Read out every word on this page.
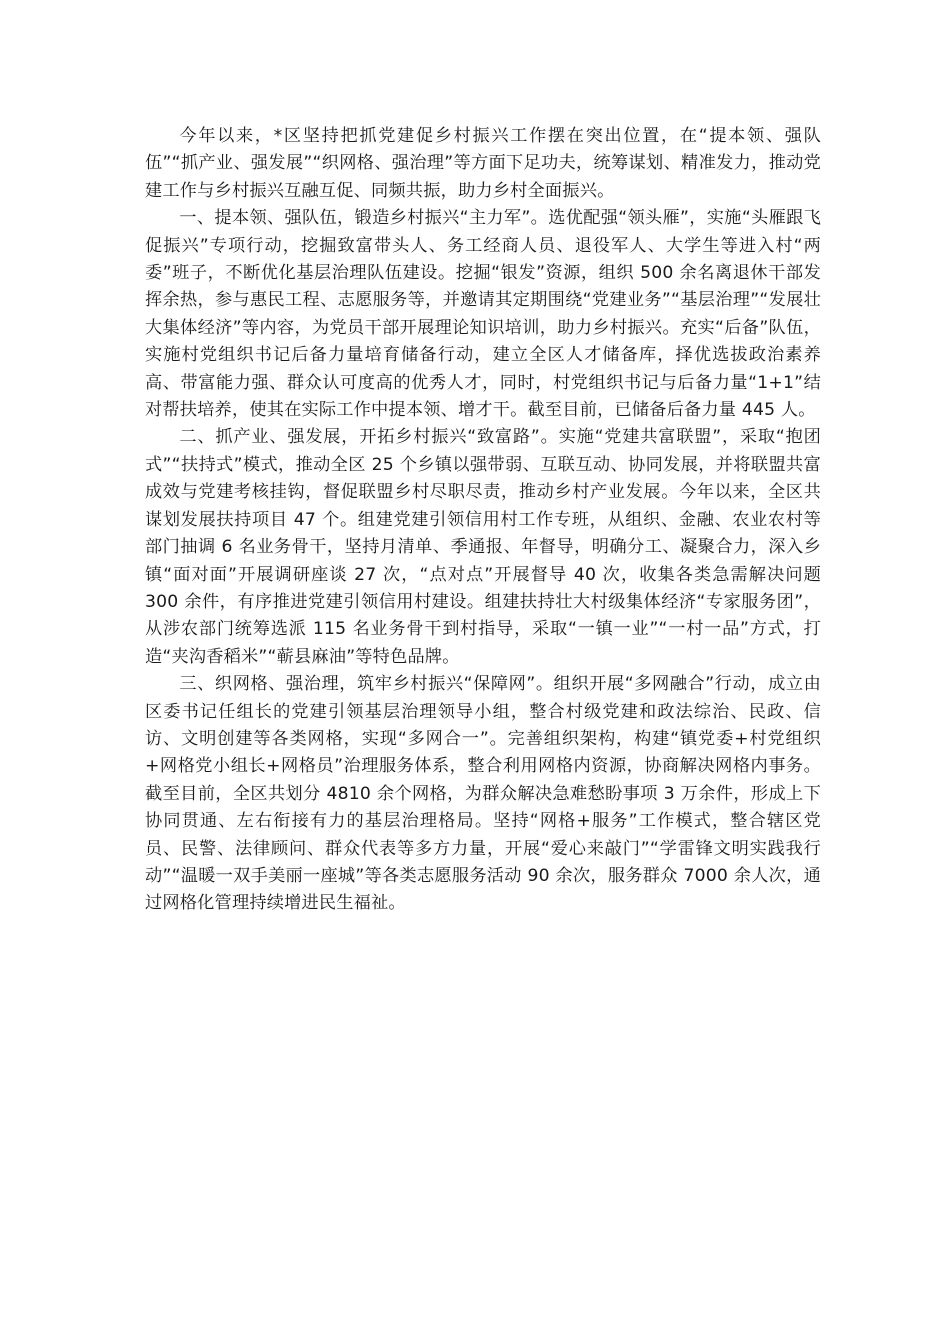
今年以来，*区坚持把抓党建促乡村振兴工作摆在突出位置，在“提本领、强队伍”“抓产业、强发展”“织网格、强治理”等方面下足功夫，统筹谋划、精准发力，推动党建工作与乡村振兴互融互促、同频共振，助力乡村全面振兴。

一、提本领、强队伍，锻造乡村振兴“主力军”。选优配强“领头雁”，实施“头雁跟飞促振兴”专项行动，挖掘致富带头人、务工经商人员、退役军人、大学生等进入村“两委”班子，不断优化基层治理队伍建设。挖掘“银发”资源，组织 500 余名离退休干部发挥余热，参与惠民工程、志愿服务等，并邀请其定期围绕“党建业务”“基层治理”“发展壮大集体经济”等内容，为党员干部开展理论知识培训，助力乡村振兴。充实“后备”队伍，实施村党组织书记后备力量培育储备行动，建立全区人才储备库，择优选拔政治素养高、带富能力强、群众认可度高的优秀人才，同时，村党组织书记与后备力量“1+1”结对帮扶培养，使其在实际工作中提本领、增才干。截至目前，已储备后备力量 445 人。

二、抓产业、强发展，开拓乡村振兴“致富路”。实施“党建共富联盟”，采取“抱团式”“扶持式”模式，推动全区 25 个乡镇以强带弱、互联互动、协同发展，并将联盟共富成效与党建考核挂钩，督促联盟乡村尽职尽责，推动乡村产业发展。今年以来，全区共谋划发展扶持项目 47 个。组建党建引领信用村工作专班，从组织、金融、农业农村等部门抽调 6 名业务骨干，坚持月清单、季通报、年督导，明确分工、凝聚合力，深入乡镇“面对面”开展调研座谈 27 次，“点对点”开展督导 40 次，收集各类急需解决问题 300 余件，有序推进党建引领信用村建设。组建扶持壮大村级集体经济“专家服务团”，从涉农部门统筹选派 115 名业务骨干到村指导，采取“一镇一业”“一村一品”方式，打造“夹沟香稻米”“蕲县麻油”等特色品牌。

三、织网格、强治理，筑牢乡村振兴“保障网”。组织开展“多网融合”行动，成立由区委书记任组长的党建引领基层治理领导小组，整合村级党建和政法综治、民政、信访、文明创建等各类网格，实现“多网合一”。完善组织架构，构建“镇党委+村党组织+网格党小组长+网格员”治理服务体系，整合利用网格内资源，协商解决网格内事务。截至目前，全区共划分 4810 余个网格，为群众解决急难愁盼事项 3 万余件，形成上下协同贯通、左右衔接有力的基层治理格局。坚持“网格+服务”工作模式，整合辖区党员、民警、法律顾问、群众代表等多方力量，开展“爱心来敲门”“学雷锋文明实践我行动”“温暖一双手美丽一座城”等各类志愿服务活动 90 余次，服务群众 7000 余人次，通过网格化管理持续增进民生福祉。
